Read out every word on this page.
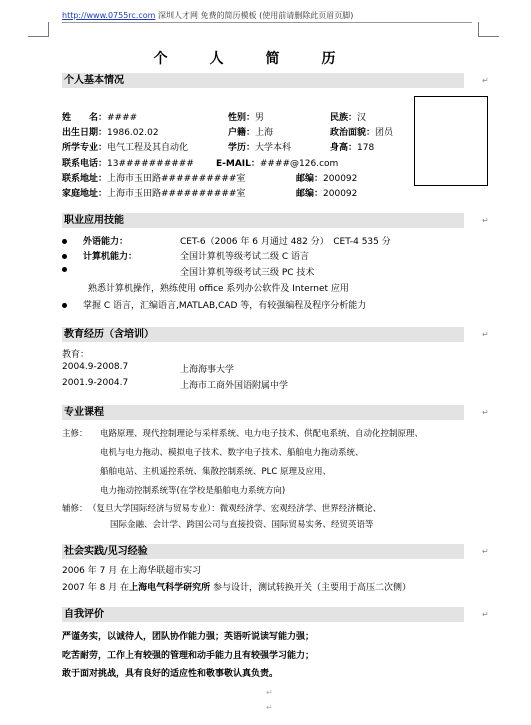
http://www.0755rc.com 深圳人才网 免费的简历模板 (使用前请删除此页眉页脚)
个人简历
个人基本情况	↵
姓　　名：####	性别：男	民族：汉
出生日期：1986.02.02	户籍：上海	政治面貌：团员
所学专业：电气工程及其自动化	学历：大学本科	身高：178
联系电话：13########## E-MAIL：####@126.com
联系地址：上海市玉田路##########室	邮编：200092
家庭地址：上海市玉田路##########室	邮编：200092
职业应用技能	↵
外语能力：	CET-6（2006 年 6 月通过 482 分）　CET-4 535 分
计算机能力：	全国计算机等级考试二级 C 语言
全国计算机等级考试三级 PC 技术
熟悉计算机操作，熟练使用 office 系列办公软件及 Internet 应用
掌握 C 语言，汇编语言,MATLAB,CAD 等，有较强编程及程序分析能力
教育经历（含培训）	↵
教育：
2004.9-2008.7	上海海事大学
2001.9-2004.7	上海市工商外国语附属中学
专业课程	↵
主修： 电路原理、现代控制理论与采样系统、电力电子技术、供配电系统、自动化控制原理、
电机与电力拖动、模拟电子技术、数字电子技术、船舶电力拖动系统、
船舶电站、主机遥控系统、集散控制系统、PLC 原理及应用、
电力拖动控制系统等(在学校是船舶电力系统方向)
辅修： （复旦大学国际经济与贸易专业）：微观经济学、宏观经济学、世界经济概论、
国际金融、会计学、跨国公司与直接投资、国际贸易实务、经贸英语等
社会实践/见习经验	↵
2006 年 7 月 在上海华联超市实习
2007 年 8 月 在上海电气科学研究所 参与设计，测试转换开关（主要用于高压二次侧）
自我评价	↵
严谨务实，以诚待人，团队协作能力强；英语听说读写能力强；
吃苦耐劳，工作上有较强的管理和动手能力且有较强学习能力；
敢于面对挑战，具有良好的适应性和敬事敬认真负责。
↵
↵
